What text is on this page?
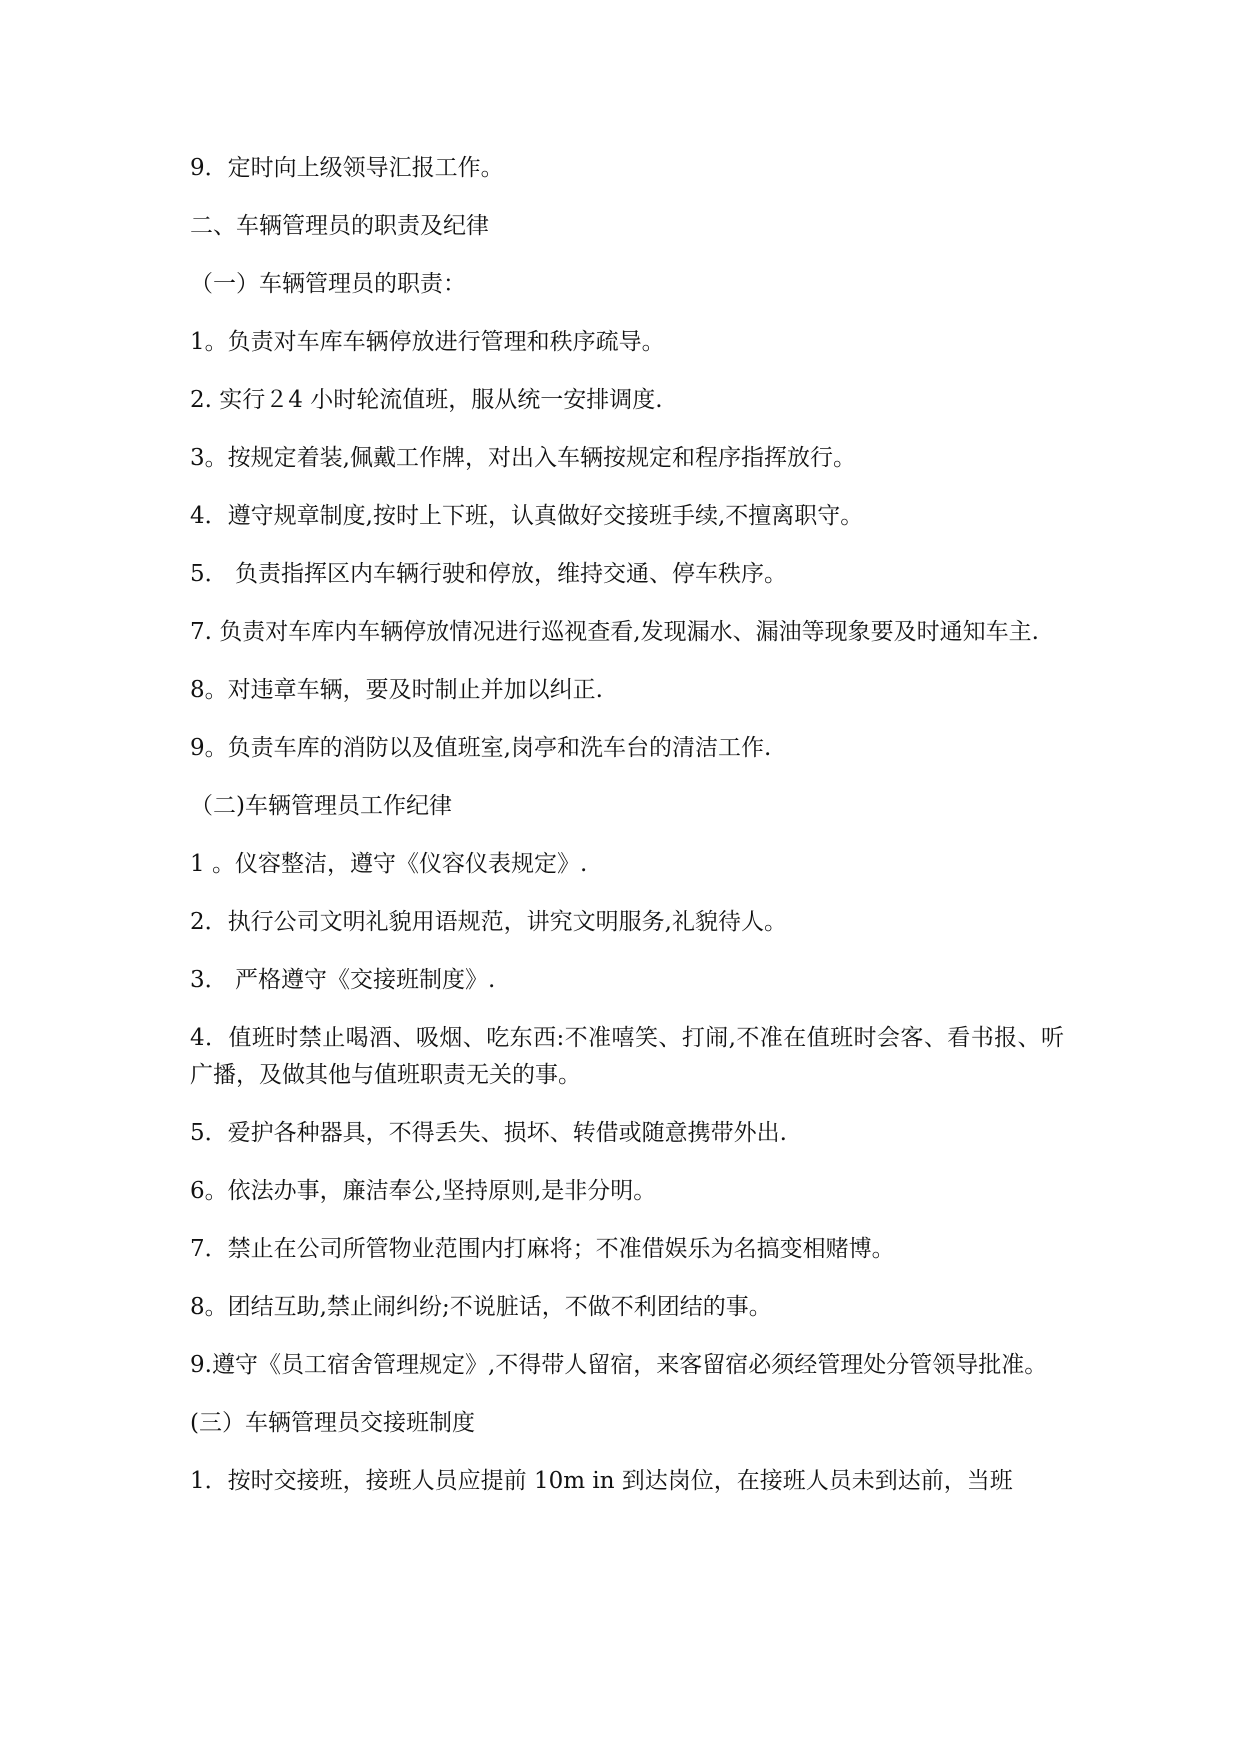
9．定时向上级领导汇报工作。
二、车辆管理员的职责及纪律
（一）车辆管理员的职责：
1。负责对车库车辆停放进行管理和秩序疏导。
2. 实行２4 小时轮流值班，服从统一安排调度.
3。按规定着装,佩戴工作牌，对出入车辆按规定和程序指挥放行。
4．遵守规章制度,按时上下班，认真做好交接班手续,不擅离职守。
5． 负责指挥区内车辆行驶和停放，维持交通、停车秩序。
7. 负责对车库内车辆停放情况进行巡视查看,发现漏水、漏油等现象要及时通知车主.
8。对违章车辆，要及时制止并加以纠正.
9。负责车库的消防以及值班室,岗亭和洗车台的清洁工作.
（二)车辆管理员工作纪律
1 。仪容整洁，遵守《仪容仪表规定》.
2．执行公司文明礼貌用语规范，讲究文明服务,礼貌待人。
3． 严格遵守《交接班制度》.
4．值班时禁止喝酒、吸烟、吃东西:不准嘻笑、打闹,不准在值班时会客、看书报、听广播，及做其他与值班职责无关的事。
5．爱护各种器具，不得丢失、损坏、转借或随意携带外出.
6。依法办事，廉洁奉公,坚持原则,是非分明。
7．禁止在公司所管物业范围内打麻将；不准借娱乐为名搞变相赌博。
8。团结互助,禁止闹纠纷;不说脏话，不做不利团结的事。
9.遵守《员工宿舍管理规定》,不得带人留宿，来客留宿必须经管理处分管领导批准。
(三）车辆管理员交接班制度
1．按时交接班，接班人员应提前 10m in 到达岗位，在接班人员未到达前，当班
